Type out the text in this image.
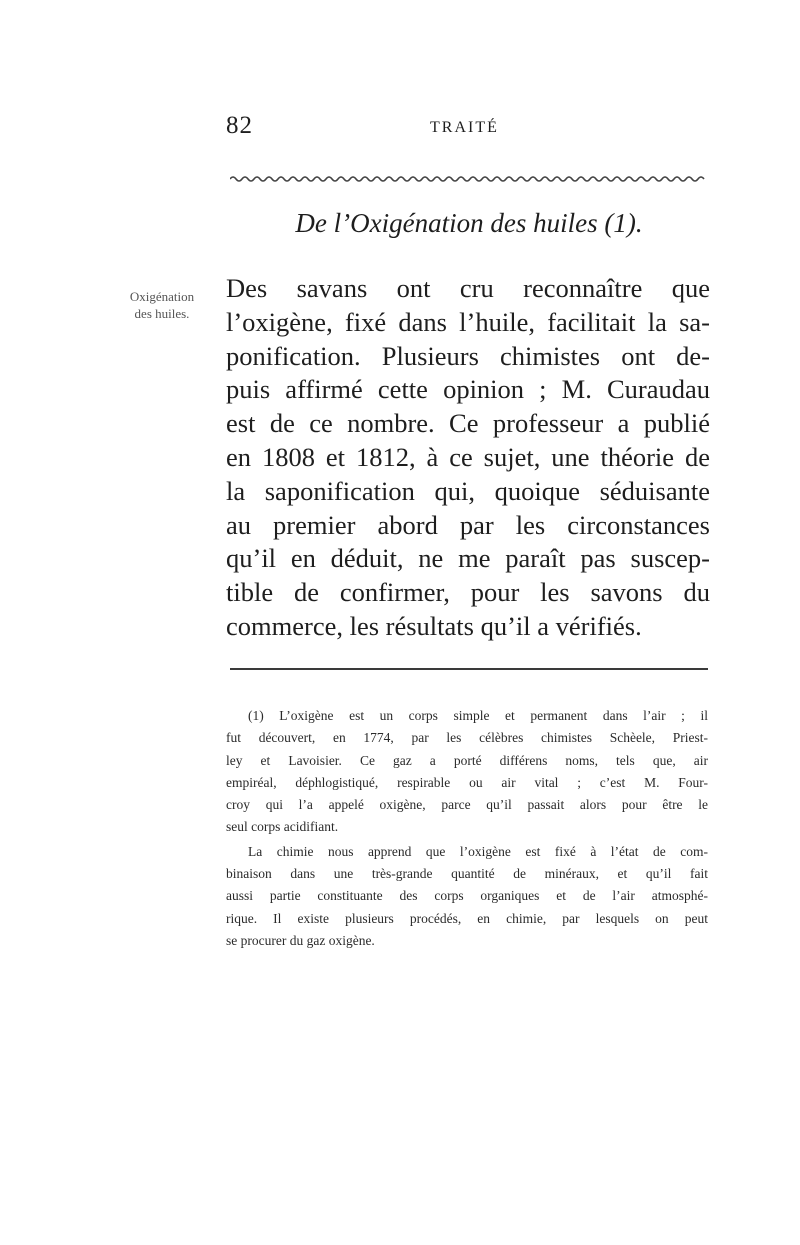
82	TRAITÉ
De l’Oxigénation des huiles (1).
Oxigénation
des huiles.
Des savans ont cru reconnaître que
l’oxigène, fixé dans l’huile, facilitait la sa-
ponification. Plusieurs chimistes ont de-
puis affirmé cette opinion ; M. Curaudau
est de ce nombre. Ce professeur a publié
en 1808 et 1812, à ce sujet, une théorie de
la saponification qui, quoique séduisante
au premier abord par les circonstances
qu’il en déduit, ne me paraît pas suscep-
tible de confirmer, pour les savons du
commerce, les résultats qu’il a vérifiés.
(1) L’oxigène est un corps simple et permanent dans l’air ; il
fut découvert, en 1774, par les célèbres chimistes Schèele, Priest-
ley et Lavoisier. Ce gaz a porté différens noms, tels que, air
empiréal, déphlogistiqué, respirable ou air vital ; c’est M. Four-
croy qui l’a appelé oxigène, parce qu’il passait alors pour être le
seul corps acidifiant.
La chimie nous apprend que l’oxigène est fixé à l’état de com-
binaison dans une très-grande quantité de minéraux, et qu’il fait
aussi partie constituante des corps organiques et de l’air atmosphé-
rique. Il existe plusieurs procédés, en chimie, par lesquels on peut
se procurer du gaz oxigène.
